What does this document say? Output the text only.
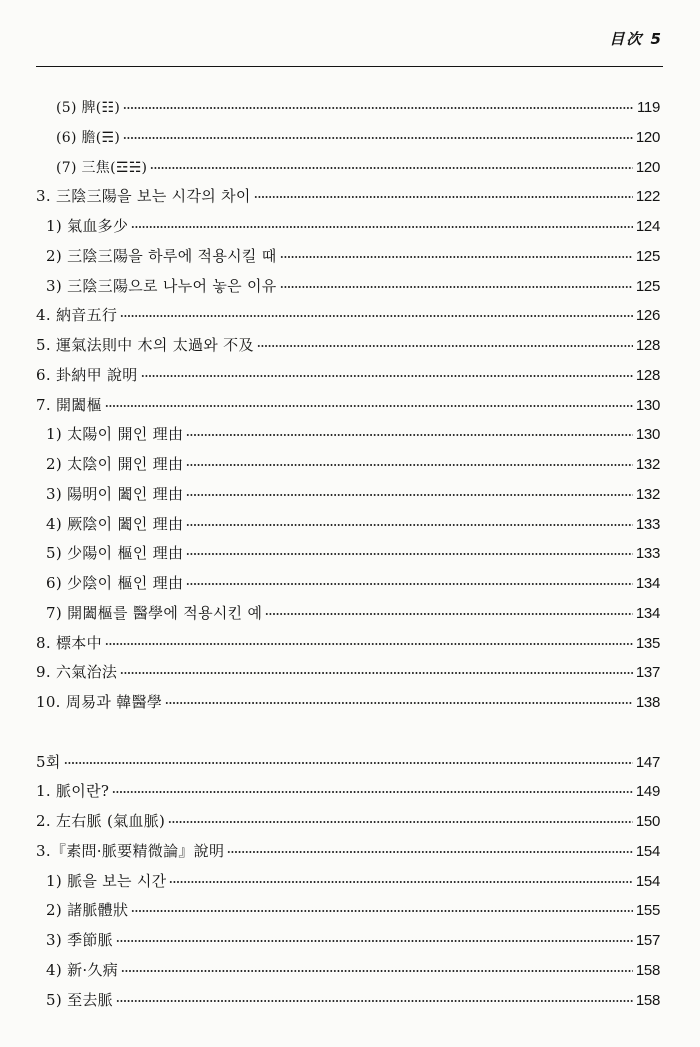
目次 5
(5) 脾(☷)	119
(6) 膽(☴)	120
(7) 三焦(☲☵)	120
3. 三陰三陽을 보는 시각의 차이	122
1) 氣血多少	124
2) 三陰三陽을 하루에 적용시킬 때	125
3) 三陰三陽으로 나누어 놓은 이유	125
4. 納音五行	126
5. 運氣法則中 木의 太過와 不及	128
6. 卦納甲 說明	128
7. 開闔樞	130
1) 太陽이 開인 理由	130
2) 太陰이 開인 理由	132
3) 陽明이 闔인 理由	132
4) 厥陰이 闔인 理由	133
5) 少陽이 樞인 理由	133
6) 少陰이 樞인 理由	134
7) 開闔樞를 醫學에 적용시킨 예	134
8. 標本中	135
9. 六氣治法	137
10. 周易과 韓醫學	138
5회	147
1. 脈이란?	149
2. 左右脈 (氣血脈)	150
3.『素問·脈要精微論』說明	154
1) 脈을 보는 시간	154
2) 諸脈體狀	155
3) 季節脈	157
4) 新·久病	158
5) 至去脈	158
